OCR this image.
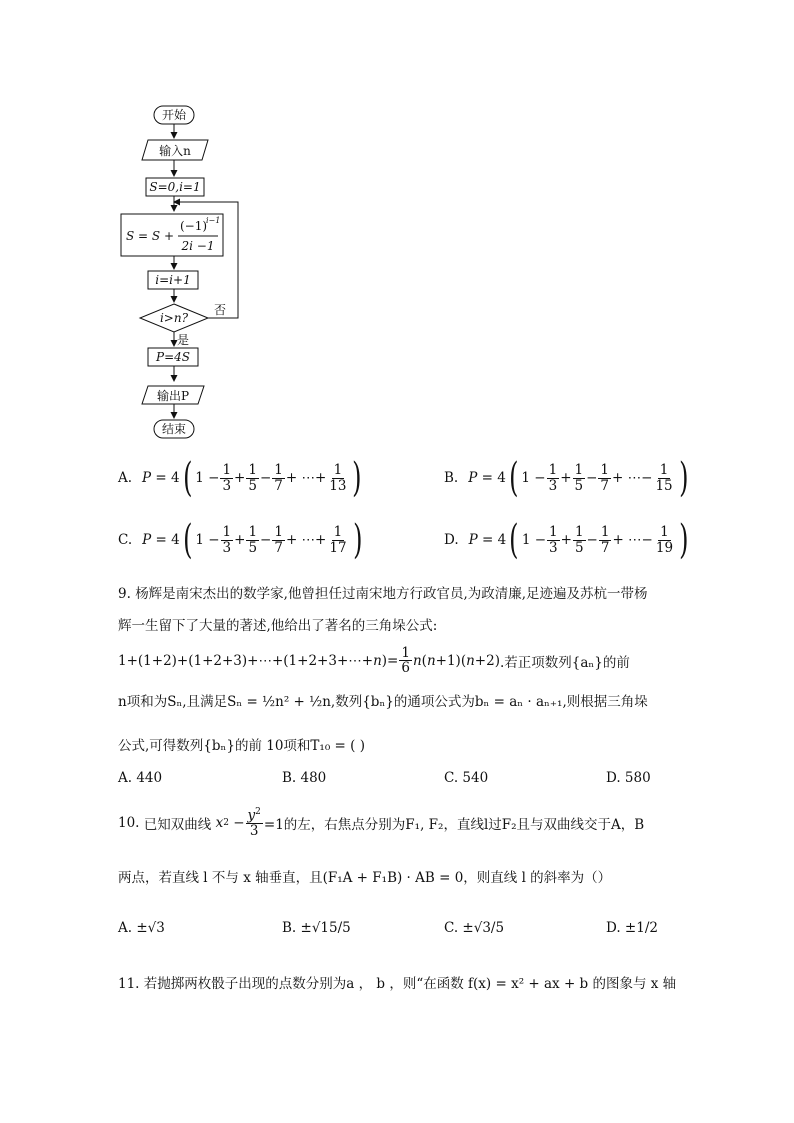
开始
输入n
S=0,i=1
S = S +
(−1)
i−1
2i −1
i=i+1
i>n?
否
是
P=4S
输出P
结束
A. P = 4 ( 1 − 1
3 + 1
5 − 1
7 + ⋯ + $\frac{1}{13}$ )	B. P = 4 ( 1 − 1
3 + 1
5 − 1
7 + ⋯ − $\frac{1}{15}$ )
C. P = 4 ( 1 − 1
3 + 1
5 − 1
7 + ⋯ + $\frac{1}{17}$ )	D. P = 4 ( 1 − 1
3 + 1
5 − 1
7 + ⋯ − $\frac{1}{19}$ )
9. 杨辉是南宋杰出的数学家,他曾担任过南宋地方行政官员,为政清廉,足迹遍及苏杭一带杨
辉一生留下了大量的著述,他给出了著名的三角垛公式:
1+(1+2)+(1+2+3)+⋯+(1+2+3+⋯+n)= $\frac{1}{6} n(n+1)(n+2)$ .若正项数列{aₙ}的前
n项和为Sₙ,且满足Sₙ = ½n² + ½n,数列{bₙ}的通项公式为bₙ = aₙ · aₙ₊₁,则根据三角垛
公式,可得数列{bₙ}的前 10项和T₁₀ = ( )
A. 440	B. 480	C. 540	D. 580
10.
已知双曲线 x $2 - \frac{y^2}{3} =1$的左，右焦点分别为F₁, F₂，直线l过F₂且与双曲线交于A，B
两点，若直线 l 不与 x 轴垂直，且(F₁A + F₁B) · AB = 0，则直线 l 的斜率为（）
A. ±√3	B. ±√15/5	C. ±√3/5	D. ±1/2
11. 若抛掷两枚骰子出现的点数分别为a ， b ，则“在函数 f(x) = x² + ax + b 的图象与 x 轴
